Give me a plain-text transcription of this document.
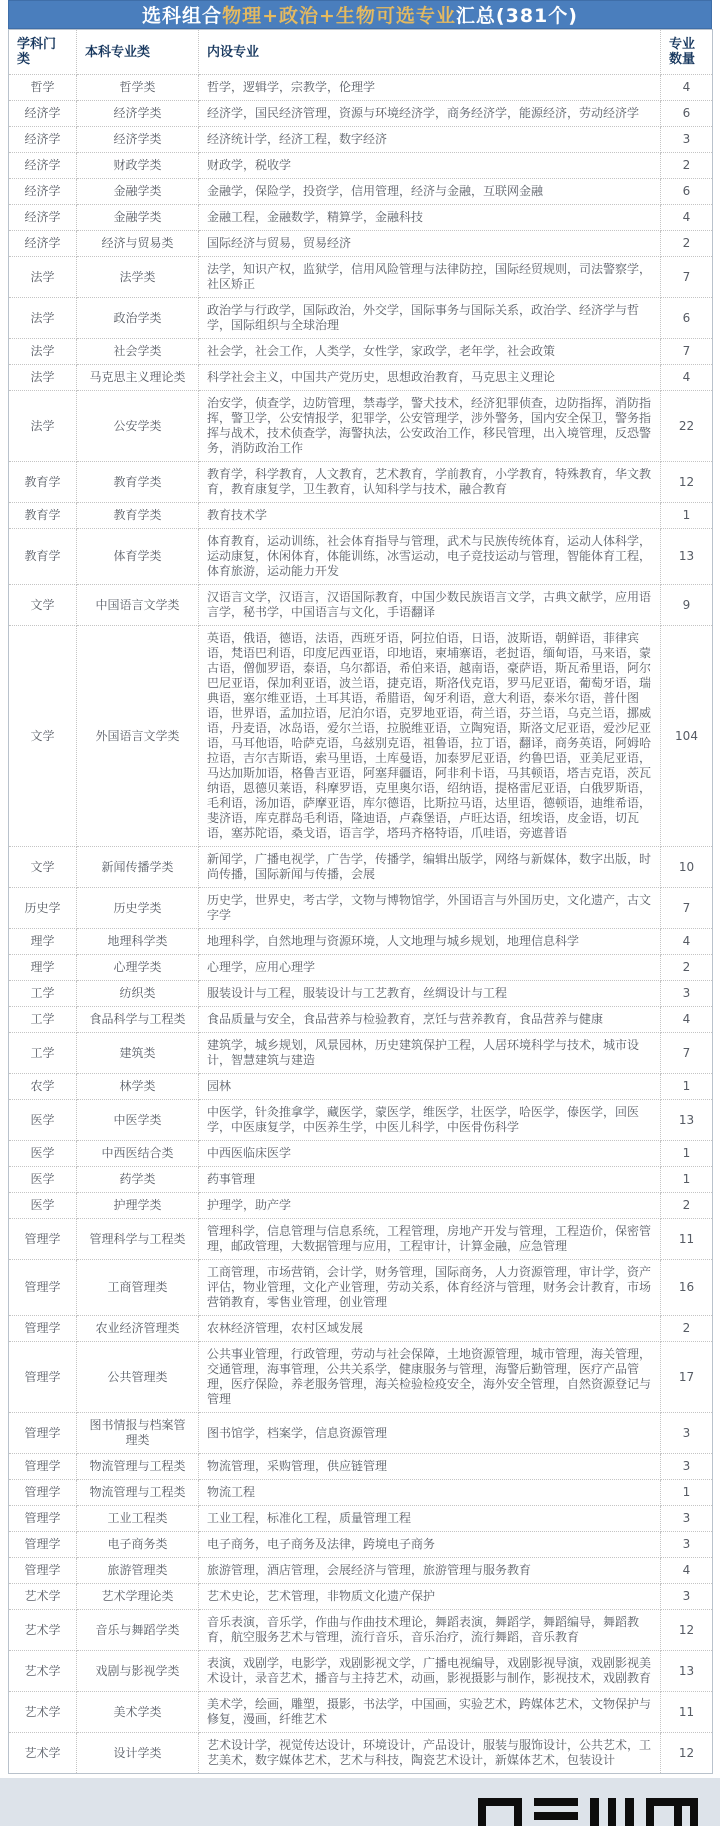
选科组合 物理+政治+生物 可选专业 汇总(381个)
学科门类	本科专业类	内设专业	专业数量
哲学	哲学类	哲学，逻辑学，宗教学，伦理学	4
经济学	经济学类	经济学，国民经济管理，资源与环境经济学，商务经济学，能源经济，劳动经济学	6
经济学	经济学类	经济统计学，经济工程，数字经济	3
经济学	财政学类	财政学，税收学	2
经济学	金融学类	金融学，保险学，投资学，信用管理，经济与金融，互联网金融	6
经济学	金融学类	金融工程，金融数学，精算学，金融科技	4
经济学	经济与贸易类	国际经济与贸易，贸易经济	2
法学	法学类	法学，知识产权，监狱学，信用风险管理与法律防控，国际经贸规则，司法警察学，社区矫正	7
法学	政治学类	政治学与行政学，国际政治，外交学，国际事务与国际关系，政治学、经济学与哲学，国际组织与全球治理	6
法学	社会学类	社会学，社会工作，人类学，女性学，家政学，老年学，社会政策	7
法学	马克思主义理论类	科学社会主义，中国共产党历史，思想政治教育，马克思主义理论	4
法学	公安学类	治安学，侦查学，边防管理，禁毒学，警犬技术，经济犯罪侦查，边防指挥，消防指挥，警卫学，公安情报学，犯罪学，公安管理学，涉外警务，国内安全保卫，警务指挥与战术，技术侦查学，海警执法，公安政治工作，移民管理，出入境管理，反恐警务，消防政治工作	22
教育学	教育学类	教育学，科学教育，人文教育，艺术教育，学前教育，小学教育，特殊教育，华文教育，教育康复学，卫生教育，认知科学与技术，融合教育	12
教育学	教育学类	教育技术学	1
教育学	体育学类	体育教育，运动训练，社会体育指导与管理，武术与民族传统体育，运动人体科学，运动康复，休闲体育，体能训练，冰雪运动，电子竞技运动与管理，智能体育工程，体育旅游，运动能力开发	13
文学	中国语言文学类	汉语言文学，汉语言，汉语国际教育，中国少数民族语言文学，古典文献学，应用语言学，秘书学，中国语言与文化，手语翻译	9
文学	外国语言文学类	英语，俄语，德语，法语，西班牙语，阿拉伯语，日语，波斯语，朝鲜语，菲律宾语，梵语巴利语，印度尼西亚语，印地语，柬埔寨语，老挝语，缅甸语，马来语，蒙古语，僧伽罗语，泰语，乌尔都语，希伯来语，越南语，豪萨语，斯瓦希里语，阿尔巴尼亚语，保加利亚语，波兰语，捷克语，斯洛伐克语，罗马尼亚语，葡萄牙语，瑞典语，塞尔维亚语，土耳其语，希腊语，匈牙利语，意大利语，泰米尔语，普什图语，世界语，孟加拉语，尼泊尔语，克罗地亚语，荷兰语，芬兰语，乌克兰语，挪威语，丹麦语，冰岛语，爱尔兰语，拉脱维亚语，立陶宛语，斯洛文尼亚语，爱沙尼亚语，马耳他语，哈萨克语，乌兹别克语，祖鲁语，拉丁语，翻译，商务英语，阿姆哈拉语，吉尔吉斯语，索马里语，土库曼语，加泰罗尼亚语，约鲁巴语，亚美尼亚语，马达加斯加语，格鲁吉亚语，阿塞拜疆语，阿非利卡语，马其顿语，塔吉克语，茨瓦纳语，恩德贝莱语，科摩罗语，克里奥尔语，绍纳语，提格雷尼亚语，白俄罗斯语，毛利语，汤加语，萨摩亚语，库尔德语，比斯拉马语，达里语，德顿语，迪维希语，斐济语，库克群岛毛利语，隆迪语，卢森堡语，卢旺达语，纽埃语，皮金语，切瓦语，塞苏陀语，桑戈语，语言学，塔玛齐格特语，爪哇语，旁遮普语	104
文学	新闻传播学类	新闻学，广播电视学，广告学，传播学，编辑出版学，网络与新媒体，数字出版，时尚传播，国际新闻与传播，会展	10
历史学	历史学类	历史学，世界史，考古学，文物与博物馆学，外国语言与外国历史，文化遗产，古文字学	7
理学	地理科学类	地理科学，自然地理与资源环境，人文地理与城乡规划，地理信息科学	4
理学	心理学类	心理学，应用心理学	2
工学	纺织类	服装设计与工程，服装设计与工艺教育，丝绸设计与工程	3
工学	食品科学与工程类	食品质量与安全，食品营养与检验教育，烹饪与营养教育，食品营养与健康	4
工学	建筑类	建筑学，城乡规划，风景园林，历史建筑保护工程，人居环境科学与技术，城市设计，智慧建筑与建造	7
农学	林学类	园林	1
医学	中医学类	中医学，针灸推拿学，藏医学，蒙医学，维医学，壮医学，哈医学，傣医学，回医学，中医康复学，中医养生学，中医儿科学，中医骨伤科学	13
医学	中西医结合类	中西医临床医学	1
医学	药学类	药事管理	1
医学	护理学类	护理学，助产学	2
管理学	管理科学与工程类	管理科学，信息管理与信息系统，工程管理，房地产开发与管理，工程造价，保密管理，邮政管理，大数据管理与应用，工程审计，计算金融，应急管理	11
管理学	工商管理类	工商管理，市场营销，会计学，财务管理，国际商务，人力资源管理，审计学，资产评估，物业管理，文化产业管理，劳动关系，体育经济与管理，财务会计教育，市场营销教育，零售业管理，创业管理	16
管理学	农业经济管理类	农林经济管理，农村区域发展	2
管理学	公共管理类	公共事业管理，行政管理，劳动与社会保障，土地资源管理，城市管理，海关管理，交通管理，海事管理，公共关系学，健康服务与管理，海警后勤管理，医疗产品管理，医疗保险，养老服务管理，海关检验检疫安全，海外安全管理，自然资源登记与管理	17
管理学	图书情报与档案管理类	图书馆学，档案学，信息资源管理	3
管理学	物流管理与工程类	物流管理，采购管理，供应链管理	3
管理学	物流管理与工程类	物流工程	1
管理学	工业工程类	工业工程，标准化工程，质量管理工程	3
管理学	电子商务类	电子商务，电子商务及法律，跨境电子商务	3
管理学	旅游管理类	旅游管理，酒店管理，会展经济与管理，旅游管理与服务教育	4
艺术学	艺术学理论类	艺术史论，艺术管理，非物质文化遗产保护	3
艺术学	音乐与舞蹈学类	音乐表演，音乐学，作曲与作曲技术理论，舞蹈表演，舞蹈学，舞蹈编导，舞蹈教育，航空服务艺术与管理，流行音乐，音乐治疗，流行舞蹈，音乐教育	12
艺术学	戏剧与影视学类	表演，戏剧学，电影学，戏剧影视文学，广播电视编导，戏剧影视导演，戏剧影视美术设计，录音艺术，播音与主持艺术，动画，影视摄影与制作，影视技术，戏剧教育	13
艺术学	美术学类	美术学，绘画，雕塑，摄影，书法学，中国画，实验艺术，跨媒体艺术，文物保护与修复，漫画，纤维艺术	11
艺术学	设计学类	艺术设计学，视觉传达设计，环境设计，产品设计，服装与服饰设计，公共艺术，工艺美术，数字媒体艺术，艺术与科技，陶瓷艺术设计，新媒体艺术，包装设计	12
